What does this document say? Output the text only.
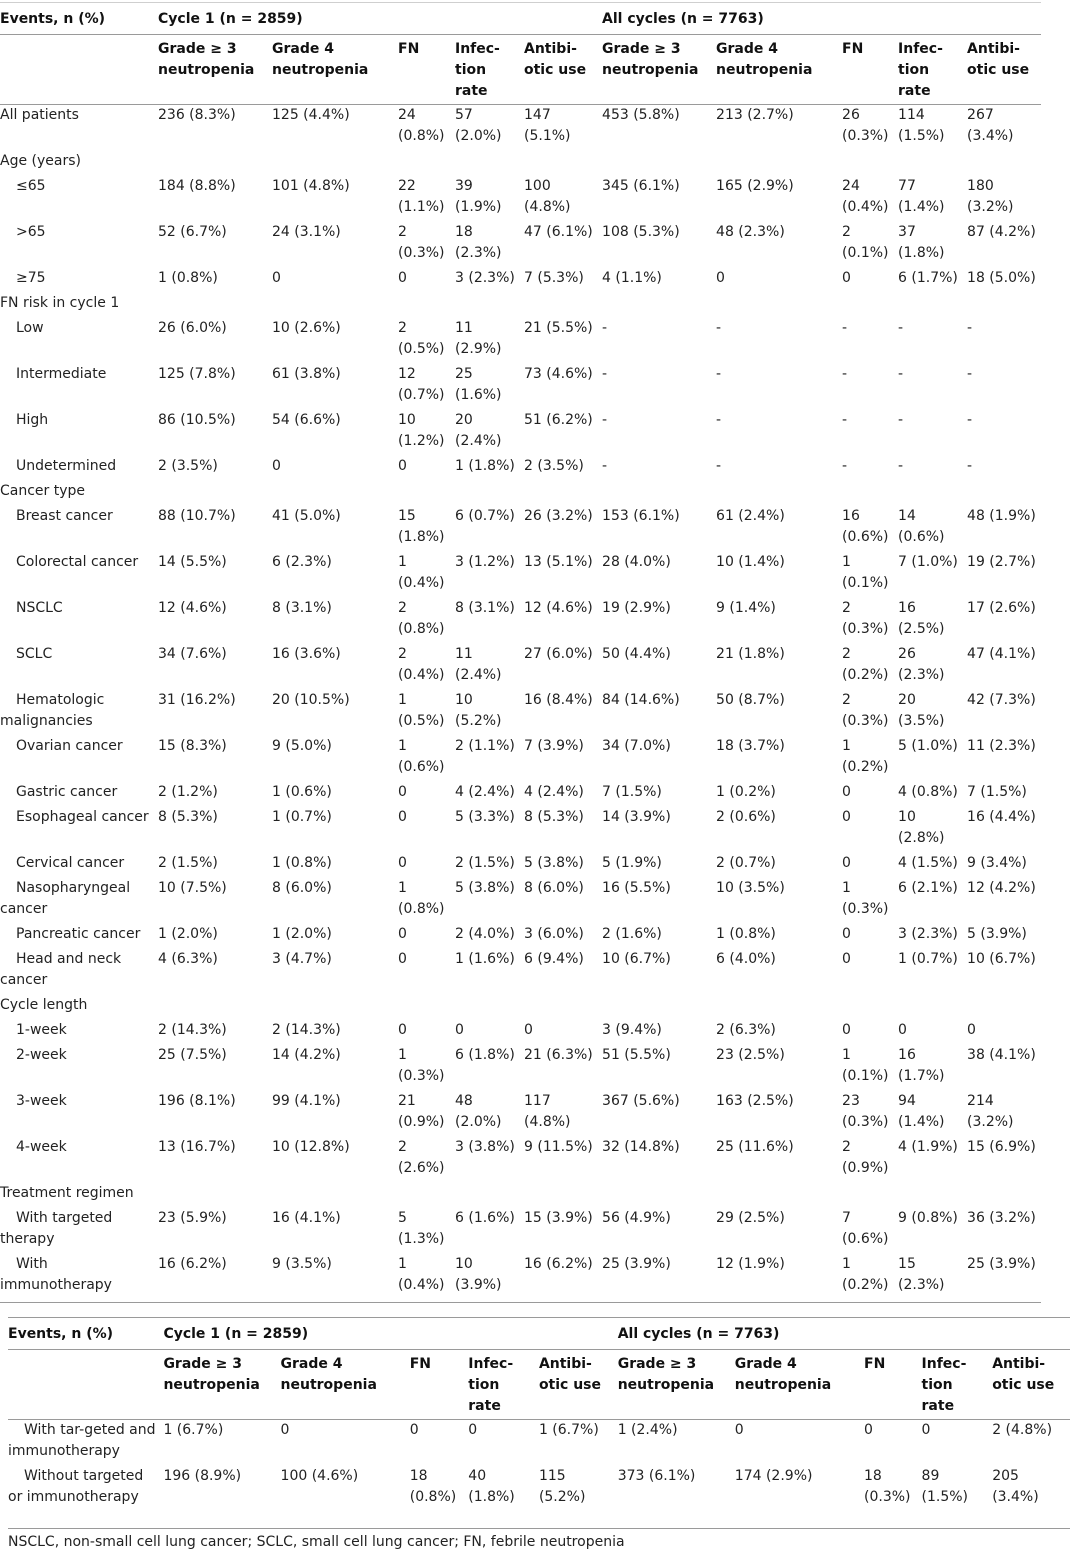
Events, n (%)	Cycle 1 (n = 2859)					All cycles (n = 7763)				
	Grade ≥ 3 neutropenia	Grade 4 neutropenia	FN	Infec-tion rate	Antibi-otic use	Grade ≥ 3 neutropenia	Grade 4 neutropenia	FN	Infec-tion rate	Antibi-otic use
All patients	236 (8.3%)	125 (4.4%)	24 (0.8%)	57 (2.0%)	147 (5.1%)	453 (5.8%)	213 (2.7%)	26 (0.3%)	114 (1.5%)	267 (3.4%)
Age (years)										
≤65	184 (8.8%)	101 (4.8%)	22 (1.1%)	39 (1.9%)	100 (4.8%)	345 (6.1%)	165 (2.9%)	24 (0.4%)	77 (1.4%)	180 (3.2%)
>65	52 (6.7%)	24 (3.1%)	2 (0.3%)	18 (2.3%)	47 (6.1%)	108 (5.3%)	48 (2.3%)	2 (0.1%)	37 (1.8%)	87 (4.2%)
≥75	1 (0.8%)	0	0	3 (2.3%)	7 (5.3%)	4 (1.1%)	0	0	6 (1.7%)	18 (5.0%)
FN risk in cycle 1										
Low	26 (6.0%)	10 (2.6%)	2 (0.5%)	11 (2.9%)	21 (5.5%)	-	-	-	-	-
Intermediate	125 (7.8%)	61 (3.8%)	12 (0.7%)	25 (1.6%)	73 (4.6%)	-	-	-	-	-
High	86 (10.5%)	54 (6.6%)	10 (1.2%)	20 (2.4%)	51 (6.2%)	-	-	-	-	-
Undetermined	2 (3.5%)	0	0	1 (1.8%)	2 (3.5%)	-	-	-	-	-
Cancer type										
Breast cancer	88 (10.7%)	41 (5.0%)	15 (1.8%)	6 (0.7%)	26 (3.2%)	153 (6.1%)	61 (2.4%)	16 (0.6%)	14 (0.6%)	48 (1.9%)
Colorectal cancer	14 (5.5%)	6 (2.3%)	1 (0.4%)	3 (1.2%)	13 (5.1%)	28 (4.0%)	10 (1.4%)	1 (0.1%)	7 (1.0%)	19 (2.7%)
NSCLC	12 (4.6%)	8 (3.1%)	2 (0.8%)	8 (3.1%)	12 (4.6%)	19 (2.9%)	9 (1.4%)	2 (0.3%)	16 (2.5%)	17 (2.6%)
SCLC	34 (7.6%)	16 (3.6%)	2 (0.4%)	11 (2.4%)	27 (6.0%)	50 (4.4%)	21 (1.8%)	2 (0.2%)	26 (2.3%)	47 (4.1%)
Hematologic malignancies	31 (16.2%)	20 (10.5%)	1 (0.5%)	10 (5.2%)	16 (8.4%)	84 (14.6%)	50 (8.7%)	2 (0.3%)	20 (3.5%)	42 (7.3%)
Ovarian cancer	15 (8.3%)	9 (5.0%)	1 (0.6%)	2 (1.1%)	7 (3.9%)	34 (7.0%)	18 (3.7%)	1 (0.2%)	5 (1.0%)	11 (2.3%)
Gastric cancer	2 (1.2%)	1 (0.6%)	0	4 (2.4%)	4 (2.4%)	7 (1.5%)	1 (0.2%)	0	4 (0.8%)	7 (1.5%)
Esophageal cancer	8 (5.3%)	1 (0.7%)	0	5 (3.3%)	8 (5.3%)	14 (3.9%)	2 (0.6%)	0	10 (2.8%)	16 (4.4%)
Cervical cancer	2 (1.5%)	1 (0.8%)	0	2 (1.5%)	5 (3.8%)	5 (1.9%)	2 (0.7%)	0	4 (1.5%)	9 (3.4%)
Nasopharyngeal cancer	10 (7.5%)	8 (6.0%)	1 (0.8%)	5 (3.8%)	8 (6.0%)	16 (5.5%)	10 (3.5%)	1 (0.3%)	6 (2.1%)	12 (4.2%)
Pancreatic cancer	1 (2.0%)	1 (2.0%)	0	2 (4.0%)	3 (6.0%)	2 (1.6%)	1 (0.8%)	0	3 (2.3%)	5 (3.9%)
Head and neck cancer	4 (6.3%)	3 (4.7%)	0	1 (1.6%)	6 (9.4%)	10 (6.7%)	6 (4.0%)	0	1 (0.7%)	10 (6.7%)
Cycle length										
1-week	2 (14.3%)	2 (14.3%)	0	0	0	3 (9.4%)	2 (6.3%)	0	0	0
2-week	25 (7.5%)	14 (4.2%)	1 (0.3%)	6 (1.8%)	21 (6.3%)	51 (5.5%)	23 (2.5%)	1 (0.1%)	16 (1.7%)	38 (4.1%)
3-week	196 (8.1%)	99 (4.1%)	21 (0.9%)	48 (2.0%)	117 (4.8%)	367 (5.6%)	163 (2.5%)	23 (0.3%)	94 (1.4%)	214 (3.2%)
4-week	13 (16.7%)	10 (12.8%)	2 (2.6%)	3 (3.8%)	9 (11.5%)	32 (14.8%)	25 (11.6%)	2 (0.9%)	4 (1.9%)	15 (6.9%)
Treatment regimen										
With targeted therapy	23 (5.9%)	16 (4.1%)	5 (1.3%)	6 (1.6%)	15 (3.9%)	56 (4.9%)	29 (2.5%)	7 (0.6%)	9 (0.8%)	36 (3.2%)
With immunotherapy	16 (6.2%)	9 (3.5%)	1 (0.4%)	10 (3.9%)	16 (6.2%)	25 (3.9%)	12 (1.9%)	1 (0.2%)	15 (2.3%)	25 (3.9%)
Events, n (%)	Cycle 1 (n = 2859)					All cycles (n = 7763)				
	Grade ≥ 3 neutropenia	Grade 4 neutropenia	FN	Infec-tion rate	Antibi-otic use	Grade ≥ 3 neutropenia	Grade 4 neutropenia	FN	Infec-tion rate	Antibi-otic use
With tar-geted and immunotherapy	1 (6.7%)	0	0	0	1 (6.7%)	1 (2.4%)	0	0	0	2 (4.8%)
Without targeted or immunotherapy	196 (8.9%)	100 (4.6%)	18 (0.8%)	40 (1.8%)	115 (5.2%)	373 (6.1%)	174 (2.9%)	18 (0.3%)	89 (1.5%)	205 (3.4%)
NSCLC, non-small cell lung cancer; SCLC, small cell lung cancer; FN, febrile neutropenia
